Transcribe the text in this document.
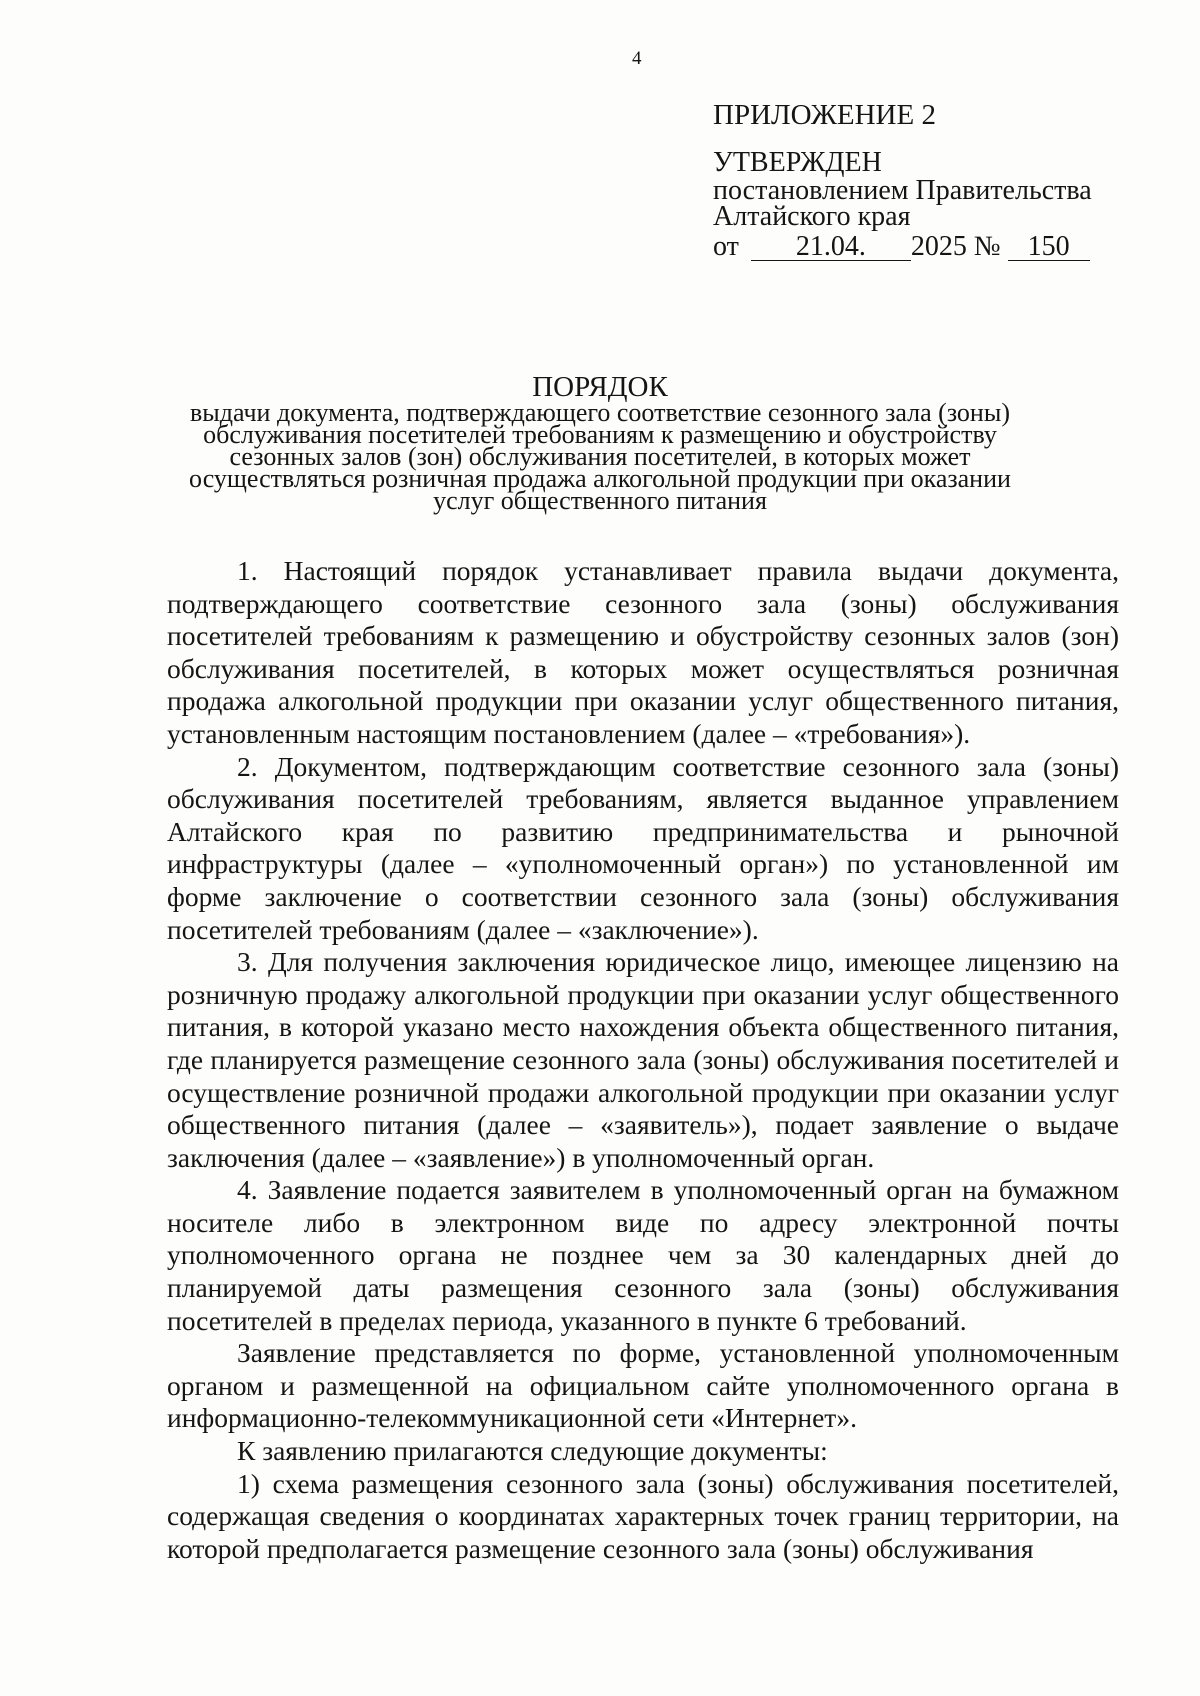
4
ПРИЛОЖЕНИЕ 2
УТВЕРЖДЕН
постановлением Правительства
Алтайского края
от 21.04. 2025 № 150
ПОРЯДОК
выдачи документа, подтверждающего соответствие сезонного зала (зоны)
обслуживания посетителей требованиям к размещению и обустройству
сезонных залов (зон) обслуживания посетителей, в которых может
осуществляться розничная продажа алкогольной продукции при оказании
услуг общественного питания

1. Настоящий порядок устанавливает правила выдачи документа, подтверждающего соответствие сезонного зала (зоны) обслуживания посетителей требованиям к размещению и обустройству сезонных залов (зон) обслуживания посетителей, в которых может осуществляться розничная продажа алкогольной продукции при оказании услуг общественного питания, установленным настоящим постановлением (далее – «требования»).

2. Документом, подтверждающим соответствие сезонного зала (зоны) обслуживания посетителей требованиям, является выданное управлением Алтайского края по развитию предпринимательства и рыночной инфраструктуры (далее – «уполномоченный орган») по установленной им форме заключение о соответствии сезонного зала (зоны) обслуживания посетителей требованиям (далее – «заключение»).

3. Для получения заключения юридическое лицо, имеющее лицензию на розничную продажу алкогольной продукции при оказании услуг общественного питания, в которой указано место нахождения объекта общественного питания, где планируется размещение сезонного зала (зоны) обслуживания посетителей и осуществление розничной продажи алкогольной продукции при оказании услуг общественного питания (далее – «заявитель»), подает заявление о выдаче заключения (далее – «заявление») в уполномоченный орган.

4. Заявление подается заявителем в уполномоченный орган на бумажном носителе либо в электронном виде по адресу электронной почты уполномоченного органа не позднее чем за 30 календарных дней до планируемой даты размещения сезонного зала (зоны) обслуживания посетителей в пределах периода, указанного в пункте 6 требований.

Заявление представляется по форме, установленной уполномоченным органом и размещенной на официальном сайте уполномоченного органа в информационно-телекоммуникационной сети «Интернет».

К заявлению прилагаются следующие документы:

1) схема размещения сезонного зала (зоны) обслуживания посетителей, содержащая сведения о координатах характерных точек границ территории, на которой предполагается размещение сезонного зала (зоны) обслуживания
